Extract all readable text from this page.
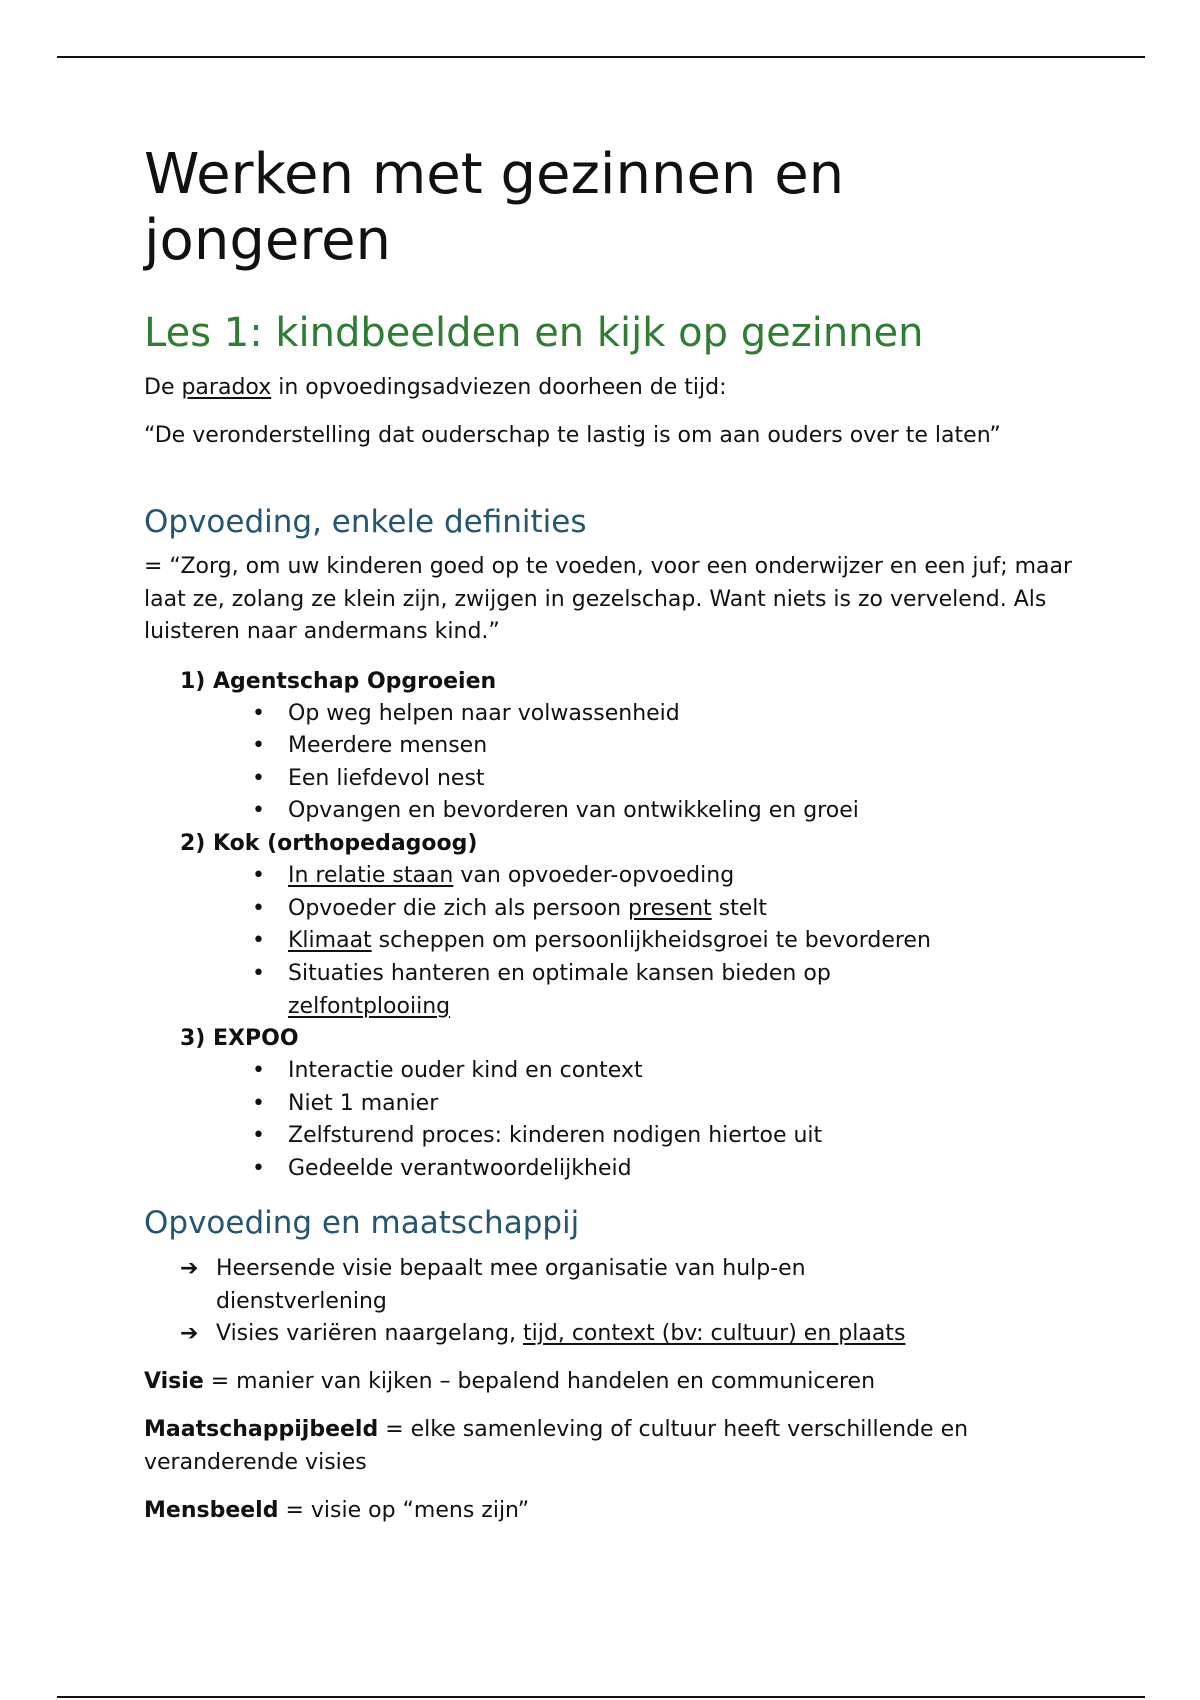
Werken met gezinnen en jongeren
Les 1: kindbeelden en kijk op gezinnen
De paradox in opvoedingsadviezen doorheen de tijd:
“De veronderstelling dat ouderschap te lastig is om aan ouders over te laten”
Opvoeding, enkele definities
= “Zorg, om uw kinderen goed op te voeden, voor een onderwijzer en een juf; maar laat ze, zolang ze klein zijn, zwijgen in gezelschap. Want niets is zo vervelend. Als luisteren naar andermans kind.”
1) Agentschap Opgroeien
• Op weg helpen naar volwassenheid
• Meerdere mensen
• Een liefdevol nest
• Opvangen en bevorderen van ontwikkeling en groei
2) Kok (orthopedagoog)
• In relatie staan van opvoeder-opvoeding
• Opvoeder die zich als persoon present stelt
• Klimaat scheppen om persoonlijkheidsgroei te bevorderen
• Situaties hanteren en optimale kansen bieden op zelfontplooiing
3) EXPOO
• Interactie ouder kind en context
• Niet 1 manier
• Zelfsturend proces: kinderen nodigen hiertoe uit
• Gedeelde verantwoordelijkheid
Opvoeding en maatschappij
➔ Heersende visie bepaalt mee organisatie van hulp-en dienstverlening
➔ Visies variëren naargelang, tijd, context (bv: cultuur) en plaats
Visie = manier van kijken – bepalend handelen en communiceren
Maatschappijbeeld = elke samenleving of cultuur heeft verschillende en veranderende visies
Mensbeeld = visie op “mens zijn”
